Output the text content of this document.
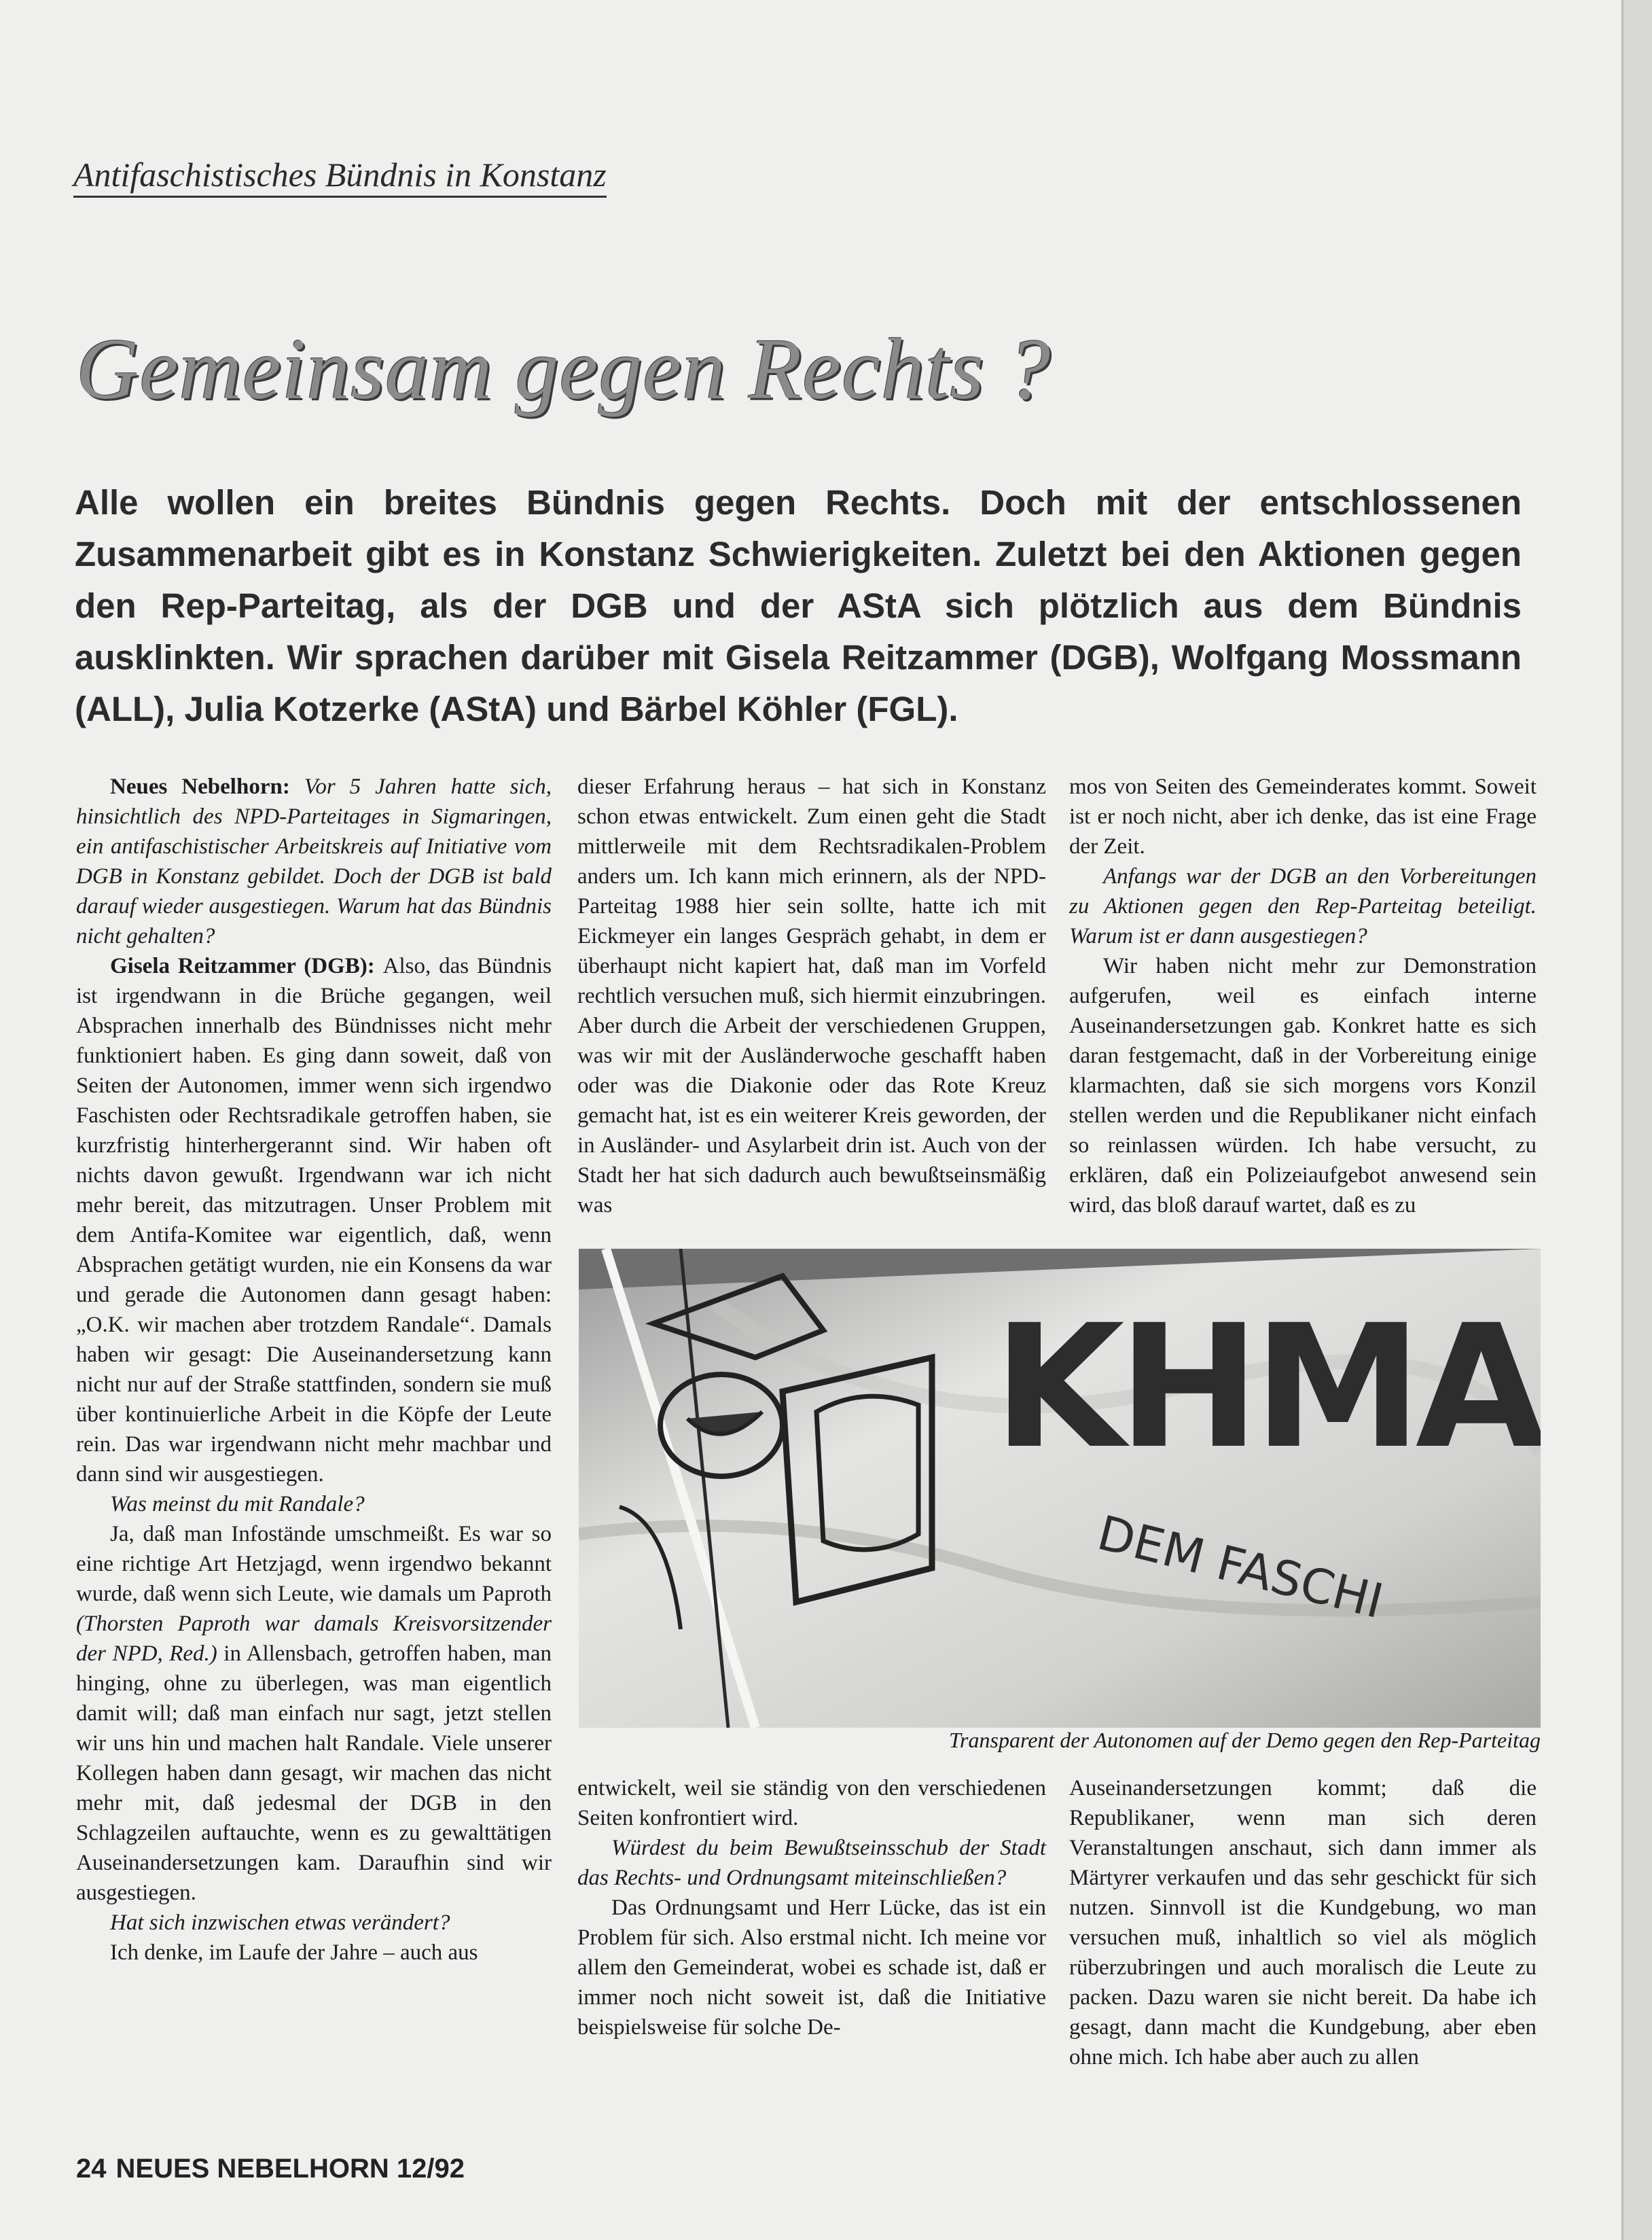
Antifaschistisches Bündnis in Konstanz
Gemeinsam gegen Rechts ?
Alle wollen ein breites Bündnis gegen Rechts. Doch mit der entschlossenen Zusammenarbeit gibt es in Konstanz Schwierigkeiten. Zuletzt bei den Aktionen gegen den Rep-Parteitag, als der DGB und der AStA sich plötzlich aus dem Bündnis ausklinkten. Wir sprachen darüber mit Gisela Reitzammer (DGB), Wolfgang Mossmann (ALL), Julia Kotzerke (AStA) und Bärbel Köhler (FGL).

Neues Nebelhorn: Vor 5 Jahren hatte sich, hinsichtlich des NPD-Parteitages in Sigmaringen, ein antifaschistischer Arbeitskreis auf Initiative vom DGB in Konstanz gebildet. Doch der DGB ist bald darauf wieder ausgestiegen. Warum hat das Bündnis nicht gehalten?

Gisela Reitzammer (DGB): Also, das Bündnis ist irgendwann in die Brüche gegangen, weil Absprachen innerhalb des Bündnisses nicht mehr funktioniert haben. Es ging dann soweit, daß von Seiten der Autonomen, immer wenn sich irgendwo Faschisten oder Rechtsradikale getroffen haben, sie kurzfristig hinterhergerannt sind. Wir haben oft nichts davon gewußt. Irgendwann war ich nicht mehr bereit, das mitzutragen. Unser Problem mit dem Antifa-Komitee war eigentlich, daß, wenn Absprachen getätigt wurden, nie ein Konsens da war und gerade die Autonomen dann gesagt haben: „O.K. wir machen aber trotzdem Randale“. Damals haben wir gesagt: Die Auseinandersetzung kann nicht nur auf der Straße stattfinden, sondern sie muß über kontinuierliche Arbeit in die Köpfe der Leute rein. Das war irgendwann nicht mehr machbar und dann sind wir ausgestiegen.

Was meinst du mit Randale?

Ja, daß man Infostände umschmeißt. Es war so eine richtige Art Hetzjagd, wenn irgendwo bekannt wurde, daß wenn sich Leute, wie damals um Paproth (Thorsten Paproth war damals Kreisvorsitzender der NPD, Red.) in Allensbach, getroffen haben, man hinging, ohne zu überlegen, was man eigentlich damit will; daß man einfach nur sagt, jetzt stellen wir uns hin und machen halt Randale. Viele unserer Kollegen haben dann gesagt, wir machen das nicht mehr mit, daß jedesmal der DGB in den Schlagzeilen auftauchte, wenn es zu gewalttätigen Auseinandersetzungen kam. Daraufhin sind wir ausgestiegen.

Hat sich inzwischen etwas verändert?

Ich denke, im Laufe der Jahre – auch aus

dieser Erfahrung heraus – hat sich in Konstanz schon etwas entwickelt. Zum einen geht die Stadt mittlerweile mit dem Rechtsradikalen-Problem anders um. Ich kann mich erinnern, als der NPD-Parteitag 1988 hier sein sollte, hatte ich mit Eickmeyer ein langes Gespräch gehabt, in dem er überhaupt nicht kapiert hat, daß man im Vorfeld rechtlich versuchen muß, sich hiermit einzubringen. Aber durch die Arbeit der verschiedenen Gruppen, was wir mit der Ausländerwoche geschafft haben oder was die Diakonie oder das Rote Kreuz gemacht hat, ist es ein weiterer Kreis geworden, der in Ausländer- und Asylarbeit drin ist. Auch von der Stadt her hat sich dadurch auch bewußtseinsmäßig was

mos von Seiten des Gemeinderates kommt. Soweit ist er noch nicht, aber ich denke, das ist eine Frage der Zeit.

Anfangs war der DGB an den Vorbereitungen zu Aktionen gegen den Rep-Parteitag beteiligt. Warum ist er dann ausgestiegen?

Wir haben nicht mehr zur Demonstration aufgerufen, weil es einfach interne Auseinandersetzungen gab. Konkret hatte es sich daran festgemacht, daß in der Vorbereitung einige klarmachten, daß sie sich morgens vors Konzil stellen werden und die Republikaner nicht einfach so reinlassen würden. Ich habe versucht, zu erklären, daß ein Polizeiaufgebot anwesend sein wird, das bloß darauf wartet, daß es zu

KHMA
DEM FASCHI
Transparent der Autonomen auf der Demo gegen den Rep-Parteitag

entwickelt, weil sie ständig von den verschiedenen Seiten konfrontiert wird.

Würdest du beim Bewußtseinsschub der Stadt das Rechts- und Ordnungsamt miteinschließen?

Das Ordnungsamt und Herr Lücke, das ist ein Problem für sich. Also erstmal nicht. Ich meine vor allem den Gemeinderat, wobei es schade ist, daß er immer noch nicht soweit ist, daß die Initiative beispielsweise für solche De-

Auseinandersetzungen kommt; daß die Republikaner, wenn man sich deren Veranstaltungen anschaut, sich dann immer als Märtyrer verkaufen und das sehr geschickt für sich nutzen. Sinnvoll ist die Kundgebung, wo man versuchen muß, inhaltlich so viel als möglich rüberzubringen und auch moralisch die Leute zu packen. Dazu waren sie nicht bereit. Da habe ich gesagt, dann macht die Kundgebung, aber eben ohne mich. Ich habe aber auch zu allen

24 NEUES NEBELHORN 12/92
